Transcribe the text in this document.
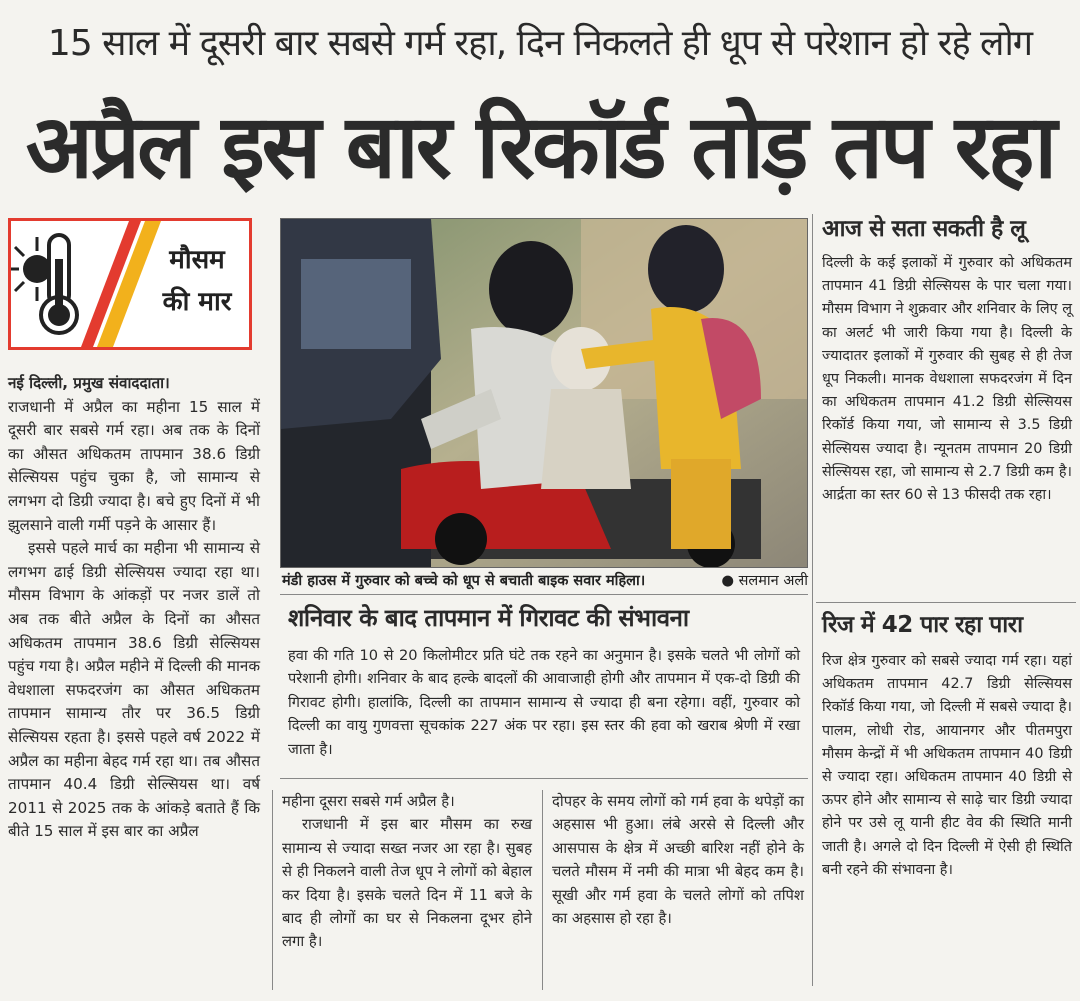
15 साल में दूसरी बार सबसे गर्म रहा, दिन निकलते ही धूप से परेशान हो रहे लोग
अप्रैल इस बार रिकॉर्ड तोड़ तप रहा
मौसम
की मार

नई दिल्ली, प्रमुख संवाददाता।

राजधानी में अप्रैल का महीना 15 साल में दूसरी बार सबसे गर्म रहा। अब तक के दिनों का औसत अधिकतम तापमान 38.6 डिग्री सेल्सियस पहुंच चुका है, जो सामान्य से लगभग दो डिग्री ज्यादा है। बचे हुए दिनों में भी झुलसाने वाली गर्मी पड़ने के आसार हैं।

इससे पहले मार्च का महीना भी सामान्य से लगभग ढाई डिग्री सेल्सियस ज्यादा रहा था। मौसम विभाग के आंकड़ों पर नजर डालें तो अब तक बीते अप्रैल के दिनों का औसत अधिकतम तापमान 38.6 डिग्री सेल्सियस पहुंच गया है। अप्रैल महीने में दिल्ली की मानक वेधशाला सफदरजंग का औसत अधिकतम तापमान सामान्य तौर पर 36.5 डिग्री सेल्सियस रहता है। इससे पहले वर्ष 2022 में अप्रैल का महीना बेहद गर्म रहा था। तब औसत तापमान 40.4 डिग्री सेल्सियस था। वर्ष 2011 से 2025 तक के आंकड़े बताते हैं कि बीते 15 साल में इस बार का अप्रैल

मंडी हाउस में गुरुवार को बच्चे को धूप से बचाती बाइक सवार महिला।	● सलमान अली
शनिवार के बाद तापमान में गिरावट की संभावना
हवा की गति 10 से 20 किलोमीटर प्रति घंटे तक रहने का अनुमान है। इसके चलते भी लोगों को परेशानी होगी। शनिवार के बाद हल्के बादलों की आवाजाही होगी और तापमान में एक-दो डिग्री की गिरावट होगी। हालांकि, दिल्ली का तापमान सामान्य से ज्यादा ही बना रहेगा। वहीं, गुरुवार को दिल्ली का वायु गुणवत्ता सूचकांक 227 अंक पर रहा। इस स्तर की हवा को खराब श्रेणी में रखा जाता है।

महीना दूसरा सबसे गर्म अप्रैल है।

राजधानी में इस बार मौसम का रुख सामान्य से ज्यादा सख्त नजर आ रहा है। सुबह से ही निकलने वाली तेज धूप ने लोगों को बेहाल कर दिया है। इसके चलते दिन में 11 बजे के बाद ही लोगों का घर से निकलना दूभर होने लगा है।

दोपहर के समय लोगों को गर्म हवा के थपेड़ों का अहसास भी हुआ। लंबे अरसे से दिल्ली और आसपास के क्षेत्र में अच्छी बारिश नहीं होने के चलते मौसम में नमी की मात्रा भी बेहद कम है। सूखी और गर्म हवा के चलते लोगों को तपिश का अहसास हो रहा है।

आज से सता सकती है लू
दिल्ली के कई इलाकों में गुरुवार को अधिकतम तापमान 41 डिग्री सेल्सियस के पार चला गया। मौसम विभाग ने शुक्रवार और शनिवार के लिए लू का अलर्ट भी जारी किया गया है। दिल्ली के ज्यादातर इलाकों में गुरुवार की सुबह से ही तेज धूप निकली। मानक वेधशाला सफदरजंग में दिन का अधिकतम तापमान 41.2 डिग्री सेल्सियस रिकॉर्ड किया गया, जो सामान्य से 3.5 डिग्री सेल्सियस ज्यादा है। न्यूनतम तापमान 20 डिग्री सेल्सियस रहा, जो सामान्य से 2.7 डिग्री कम है। आर्द्रता का स्तर 60 से 13 फीसदी तक रहा।
रिज में 42 पार रहा पारा
रिज क्षेत्र गुरुवार को सबसे ज्यादा गर्म रहा। यहां अधिकतम तापमान 42.7 डिग्री सेल्सियस रिकॉर्ड किया गया, जो दिल्ली में सबसे ज्यादा है। पालम, लोधी रोड, आयानगर और पीतमपुरा मौसम केन्द्रों में भी अधिकतम तापमान 40 डिग्री से ज्यादा रहा। अधिकतम तापमान 40 डिग्री से ऊपर होने और सामान्य से साढ़े चार डिग्री ज्यादा होने पर उसे लू यानी हीट वेव की स्थिति मानी जाती है। अगले दो दिन दिल्ली में ऐसी ही स्थिति बनी रहने की संभावना है।
